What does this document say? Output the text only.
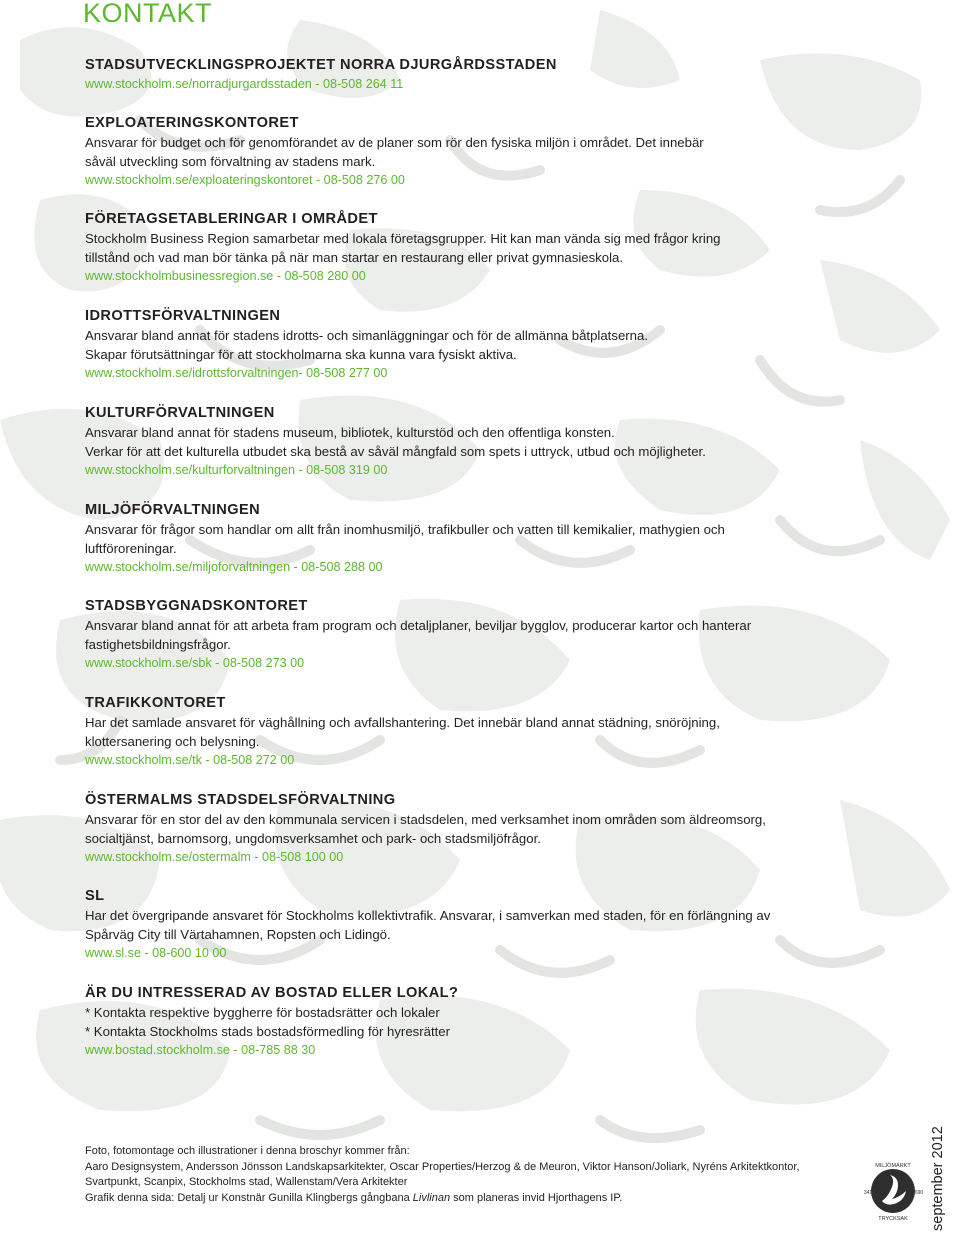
KONTAKT
STADSUTVECKLINGSPROJEKTET NORRA DJURGÅRDSSTADEN

www.stockholm.se/norradjurgardsstaden - 08-508 264 11

EXPLOATERINGSKONTORET

Ansvarar för budget och för genomförandet av de planer som rör den fysiska miljön i området. Det innebär

såväl utveckling som förvaltning av stadens mark.

www.stockholm.se/exploateringskontoret - 08-508 276 00

FÖRETAGSETABLERINGAR I OMRÅDET

Stockholm Business Region samarbetar med lokala företagsgrupper. Hit kan man vända sig med frågor kring

tillstånd och vad man bör tänka på när man startar en restaurang eller privat gymnasieskola.

www.stockholmbusinessregion.se - 08-508 280 00

IDROTTSFÖRVALTNINGEN

Ansvarar bland annat för stadens idrotts- och simanläggningar och för de allmänna båtplatserna.

Skapar förutsättningar för att stockholmarna ska kunna vara fysiskt aktiva.

www.stockholm.se/idrottsforvaltningen- 08-508 277 00

KULTURFÖRVALTNINGEN

Ansvarar bland annat för stadens museum, bibliotek, kulturstöd och den offentliga konsten.

Verkar för att det kulturella utbudet ska bestå av såväl mångfald som spets i uttryck, utbud och möjligheter.

www.stockholm.se/kulturforvaltningen - 08-508 319 00

MILJÖFÖRVALTNINGEN

Ansvarar för frågor som handlar om allt från inomhusmiljö, trafikbuller och vatten till kemikalier, mathygien och

luftföroreningar.

www.stockholm.se/miljoforvaltningen - 08-508 288 00

STADSBYGGNADSKONTORET

Ansvarar bland annat för att arbeta fram program och detaljplaner, beviljar bygglov, producerar kartor och hanterar

fastighetsbildningsfrågor.

www.stockholm.se/sbk - 08-508 273 00

TRAFIKKONTORET

Har det samlade ansvaret för väghållning och avfallshantering. Det innebär bland annat städning, snöröjning,

klottersanering och belysning.

www.stockholm.se/tk - 08-508 272 00

ÖSTERMALMS STADSDELSFÖRVALTNING

Ansvarar för en stor del av den kommunala servicen i stadsdelen, med verksamhet inom områden som äldreomsorg,

socialtjänst, barnomsorg, ungdomsverksamhet och park- och stadsmiljöfrågor.

www.stockholm.se/ostermalm - 08-508 100 00

SL

Har det övergripande ansvaret för Stockholms kollektivtrafik. Ansvarar, i samverkan med staden, för en förlängning av

Spårväg City till Värtahamnen, Ropsten och Lidingö.

www.sl.se - 08-600 10 00

ÄR DU INTRESSERAD AV BOSTAD ELLER LOKAL?

* Kontakta respektive byggherre för bostadsrätter och lokaler

* Kontakta Stockholms stads bostadsförmedling för hyresrätter

www.bostad.stockholm.se - 08-785 88 30

Foto, fotomontage och illustrationer i denna broschyr kommer från:

Aaro Designsystem, Andersson Jönsson Landskapsarkitekter, Oscar Properties/Herzog & de Meuron, Viktor Hanson/Joliark, Nyréns Arkitektkontor,

Svartpunkt, Scanpix, Stockholms stad, Wallenstam/Vera Arkitekter

Grafik denna sida: Detalj ur Konstnär Gunilla Klingbergs gångbana Livlinan som planeras invid Hjorthagens IP.

MILJÖMÄRKT
341	690
TRYCKSAK september 2012
